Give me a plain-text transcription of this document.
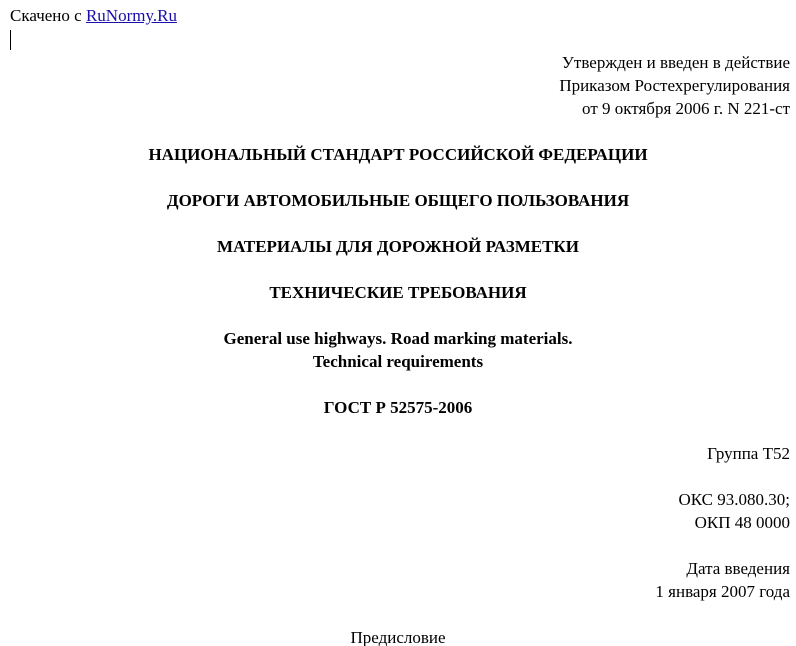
Скачено с RuNormy.Ru
Утвержден и введен в действие
Приказом Ростехрегулирования
от 9 октября 2006 г. N 221-ст
НАЦИОНАЛЬНЫЙ СТАНДАРТ РОССИЙСКОЙ ФЕДЕРАЦИИ
ДОРОГИ АВТОМОБИЛЬНЫЕ ОБЩЕГО ПОЛЬЗОВАНИЯ
МАТЕРИАЛЫ ДЛЯ ДОРОЖНОЙ РАЗМЕТКИ
ТЕХНИЧЕСКИЕ ТРЕБОВАНИЯ
General use highways. Road marking materials.
Technical requirements
ГОСТ Р 52575-2006
Группа Т52
ОКС 93.080.30;
ОКП 48 0000
Дата введения
1 января 2007 года
Предисловие
